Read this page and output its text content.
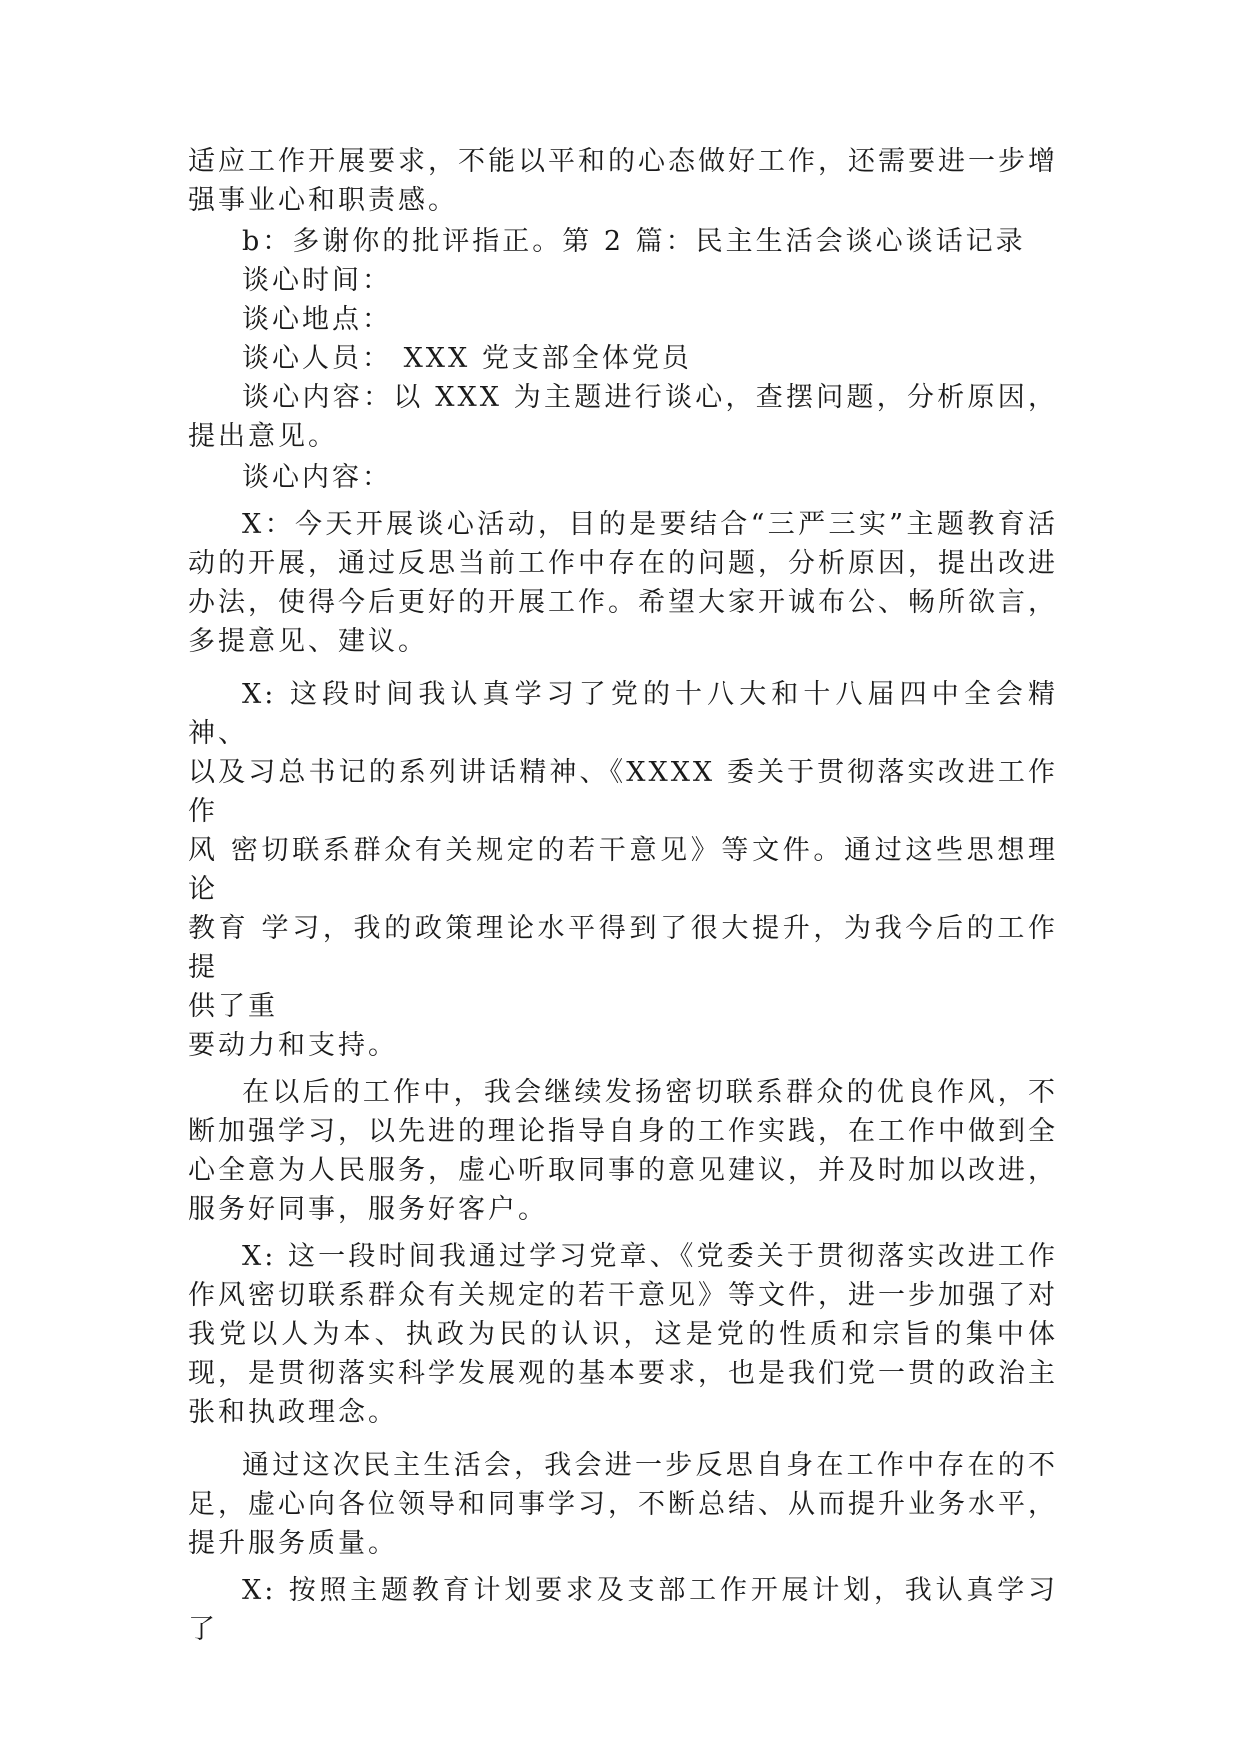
适应工作开展要求，不能以平和的心态做好工作，还需要进一步增强事业心和职责感。

b：多谢你的批评指正。第 2 篇：民主生活会谈心谈话记录

谈心时间：

谈心地点：

谈心人员： XXX 党支部全体党员

谈心内容：以 XXX 为主题进行谈心，查摆问题，分析原因，提出意见。

谈心内容：

X：今天开展谈心活动，目的是要结合“三严三实”主题教育活动的开展，通过反思当前工作中存在的问题，分析原因，提出改进办法，使得今后更好的开展工作。希望大家开诚布公、畅所欲言，多提意见、建议。

X: 这段时间我认真学习了党的十八大和十八届四中全会精神、
以及习总书记的系列讲话精神、《XXXX 委关于贯彻落实改进工作作
风 密切联系群众有关规定的若干意见》等文件。通过这些思想理论
教育 学习，我的政策理论水平得到了很大提升，为我今后的工作提
供了重
要动力和支持。

在以后的工作中，我会继续发扬密切联系群众的优良作风，不断加强学习，以先进的理论指导自身的工作实践，在工作中做到全心全意为人民服务，虚心听取同事的意见建议，并及时加以改进，服务好同事，服务好客户。

X: 这一段时间我通过学习党章、《党委关于贯彻落实改进工作作风密切联系群众有关规定的若干意见》等文件，进一步加强了对我党以人为本、执政为民的认识，这是党的性质和宗旨的集中体现，是贯彻落实科学发展观的基本要求，也是我们党一贯的政治主张和执政理念。

通过这次民主生活会，我会进一步反思自身在工作中存在的不足，虚心向各位领导和同事学习，不断总结、从而提升业务水平，提升服务质量。

X: 按照主题教育计划要求及支部工作开展计划，我认真学习了
